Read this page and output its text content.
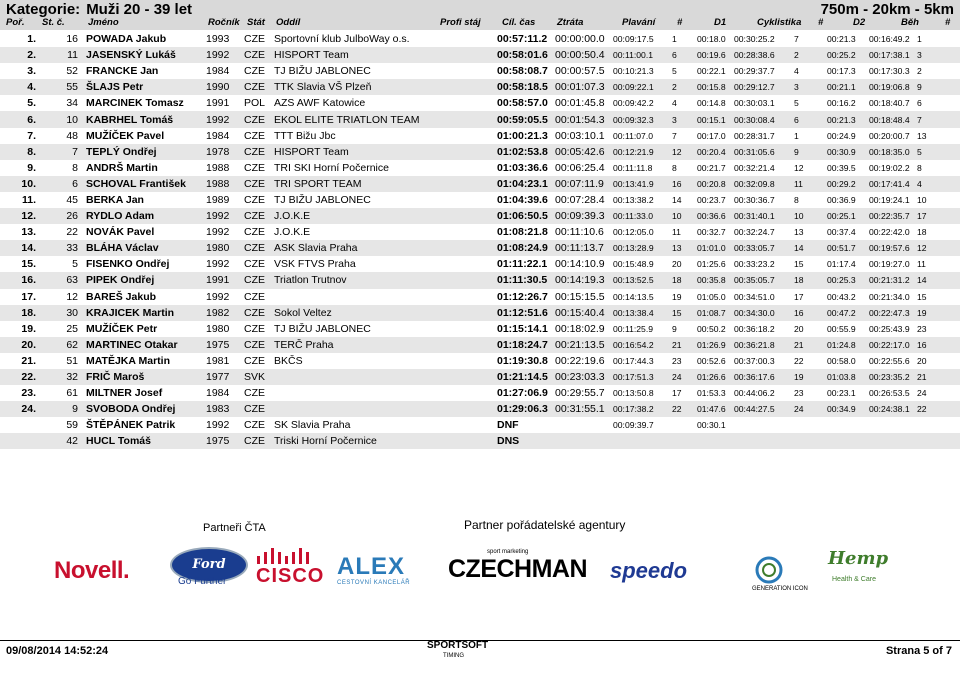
Kategorie: Muži 20 - 39 let	750m - 20km - 5km
Poř. St. č. Jméno	Ročník Stát Oddíl	Profi stáj Cíl. čas Ztráta	Plavání #	D1	Cyklistika #	D2	Běh	#
1.	16	POWADA Jakub	1993	CZE	Sportovní klub JulboWay o.s.		00:57:11.2	00:00:00.0	00:09:17.5	1	00:18.0	00:30:25.2	7	00:21.3	00:16:49.2	1
2.	11	JASENSKÝ Lukáš	1992	CZE	HISPORT Team		00:58:01.6	00:00:50.4	00:11:00.1	6	00:19.6	00:28:38.6	2	00:25.2	00:17:38.1	3
3.	52	FRANCKE Jan	1984	CZE	TJ BIŽU JABLONEC		00:58:08.7	00:00:57.5	00:10:21.3	5	00:22.1	00:29:37.7	4	00:17.3	00:17:30.3	2
4.	55	ŠLAJS Petr	1990	CZE	TTK Slavia VŠ Plzeň		00:58:18.5	00:01:07.3	00:09:22.1	2	00:15.8	00:29:12.7	3	00:21.1	00:19:06.8	9
5.	34	MARCINEK Tomasz	1991	POL	AZS AWF Katowice		00:58:57.0	00:01:45.8	00:09:42.2	4	00:14.8	00:30:03.1	5	00:16.2	00:18:40.7	6
6.	10	KABRHEL Tomáš	1992	CZE	EKOL ELITE TRIATLON TEAM		00:59:05.5	00:01:54.3	00:09:32.3	3	00:15.1	00:30:08.4	6	00:21.3	00:18:48.4	7
7.	48	MUŽÍČEK Pavel	1984	CZE	TTT Bižu Jbc		01:00:21.3	00:03:10.1	00:11:07.0	7	00:17.0	00:28:31.7	1	00:24.9	00:20:00.7	13
8.	7	TEPLÝ Ondřej	1978	CZE	HISPORT Team		01:02:53.8	00:05:42.6	00:12:21.9	12	00:20.4	00:31:05.6	9	00:30.9	00:18:35.0	5
9.	8	ANDRŠ Martin	1988	CZE	TRI SKI Horní Počernice		01:03:36.6	00:06:25.4	00:11:11.8	8	00:21.7	00:32:21.4	12	00:39.5	00:19:02.2	8
10.	6	SCHOVAL František	1988	CZE	TRI SPORT TEAM		01:04:23.1	00:07:11.9	00:13:41.9	16	00:20.8	00:32:09.8	11	00:29.2	00:17:41.4	4
11.	45	BERKA Jan	1989	CZE	TJ BIŽU JABLONEC		01:04:39.6	00:07:28.4	00:13:38.2	14	00:23.7	00:30:36.7	8	00:36.9	00:19:24.1	10
12.	26	RYDLO Adam	1992	CZE	J.O.K.E		01:06:50.5	00:09:39.3	00:11:33.0	10	00:36.6	00:31:40.1	10	00:25.1	00:22:35.7	17
13.	22	NOVÁK Pavel	1992	CZE	J.O.K.E		01:08:21.8	00:11:10.6	00:12:05.0	11	00:32.7	00:32:24.7	13	00:37.4	00:22:42.0	18
14.	33	BLÁHA Václav	1980	CZE	ASK Slavia Praha		01:08:24.9	00:11:13.7	00:13:28.9	13	01:01.0	00:33:05.7	14	00:51.7	00:19:57.6	12
15.	5	FISENKO Ondřej	1992	CZE	VSK FTVS Praha		01:11:22.1	00:14:10.9	00:15:48.9	20	01:25.6	00:33:23.2	15	01:17.4	00:19:27.0	11
16.	63	PIPEK Ondřej	1991	CZE	Triatlon Trutnov		01:11:30.5	00:14:19.3	00:13:52.5	18	00:35.8	00:35:05.7	18	00:25.3	00:21:31.2	14
17.	12	BAREŠ Jakub	1992	CZE			01:12:26.7	00:15:15.5	00:14:13.5	19	01:05.0	00:34:51.0	17	00:43.2	00:21:34.0	15
18.	30	KRAJICEK Martin	1982	CZE	Sokol Veltez		01:12:51.6	00:15:40.4	00:13:38.4	15	01:08.7	00:34:30.0	16	00:47.2	00:22:47.3	19
19.	25	MUŽÍČEK Petr	1980	CZE	TJ BIŽU JABLONEC		01:15:14.1	00:18:02.9	00:11:25.9	9	00:50.2	00:36:18.2	20	00:55.9	00:25:43.9	23
20.	62	MARTINEC Otakar	1975	CZE	TERČ Praha		01:18:24.7	00:21:13.5	00:16:54.2	21	01:26.9	00:36:21.8	21	01:24.8	00:22:17.0	16
21.	51	MATĚJKA Martin	1981	CZE	BKČS		01:19:30.8	00:22:19.6	00:17:44.3	23	00:52.6	00:37:00.3	22	00:58.0	00:22:55.6	20
22.	32	FRIČ Maroš	1977	SVK			01:21:14.5	00:23:03.3	00:17:51.3	24	01:26.6	00:36:17.6	19	01:03.8	00:23:35.2	21
23.	61	MILTNER Josef	1984	CZE			01:27:06.9	00:29:55.7	00:13:50.8	17	01:53.3	00:44:06.2	23	00:23.1	00:26:53.5	24
24.	9	SVOBODA Ondřej	1983	CZE			01:29:06.3	00:31:55.1	00:17:38.2	22	01:47.6	00:44:27.5	24	00:34.9	00:24:38.1	22
	59	ŠTĚPÁNEK Patrik	1992	CZE	SK Slavia Praha		DNF		00:09:39.7		00:30.1					
	42	HUCL Tomáš	1975	CZE	Triski Horní Počernice		DNS									
Partneři ČTA	Partner pořádatelské agentury
Novell.	Ford
Go Further CISCO ALEX
CESTOVNÍ KANCELÁŘ
sport marketing
CZECHMAN speedo
GENERATION ICON
Hemp
Health & Care
09/08/2014 14:52:24	SPORTSOFT
TIMING	Strana 5 of 7
